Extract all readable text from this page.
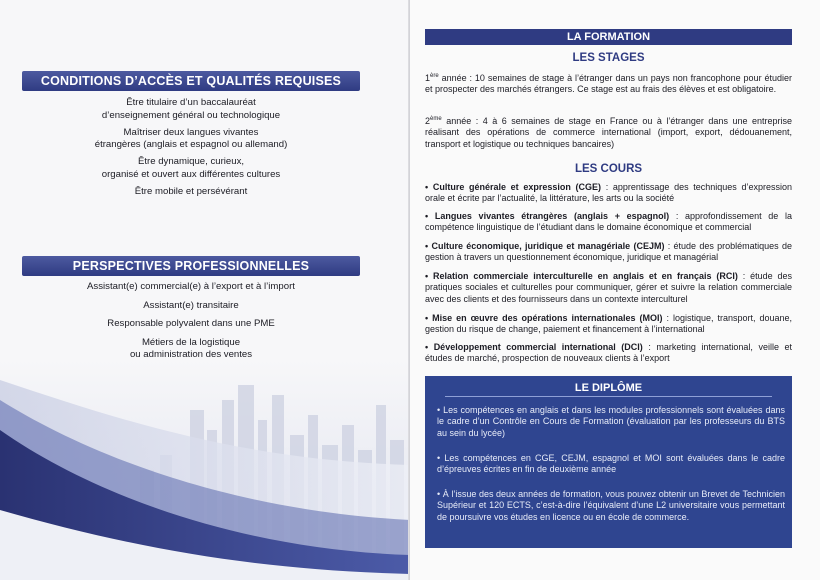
CONDITIONS D’ACCÈS ET QUALITÉS REQUISES
Être titulaire d’un baccalauréat
d’enseignement général ou technologique
Maîtriser deux langues vivantes
étrangères (anglais et espagnol ou allemand)
Être dynamique, curieux,
organisé et ouvert aux différentes cultures
Être mobile et persévérant
PERSPECTIVES PROFESSIONNELLES
Assistant(e) commercial(e) à l’export et à l’import
Assistant(e) transitaire
Responsable polyvalent dans une PME
Métiers de la logistique
ou administration des ventes
LA FORMATION
LES STAGES
1ère année : 10 semaines de stage à l’étranger dans un pays non francophone pour étudier et prospecter des marchés étrangers. Ce stage est au frais des élèves et est obligatoire.
2ème année : 4 à 6 semaines de stage en France ou à l’étranger dans une entreprise réalisant des opérations de commerce international (import, export, dédouanement, transport et logistique ou techniques bancaires)
LES COURS
• Culture générale et expression (CGE) : apprentissage des techniques d’expression orale et écrite par l’actualité, la littérature, les arts ou la société
• Langues vivantes étrangères (anglais + espagnol) : approfondissement de la compétence linguistique de l’étudiant dans le domaine économique et commercial
• Culture économique, juridique et managériale (CEJM) : étude des problématiques de gestion à travers un questionnement économique, juridique et managérial
• Relation commerciale interculturelle en anglais et en français (RCI) : étude des pratiques sociales et culturelles pour communiquer, gérer et suivre la relation commerciale avec des clients et des fournisseurs dans un contexte interculturel
• Mise en œuvre des opérations internationales (MOI) : logistique, transport, douane, gestion du risque de change, paiement et financement à l’international
• Développement commercial international (DCI) : marketing international, veille et études de marché, prospection de nouveaux clients à l’export
LE DIPLÔME
• Les compétences en anglais et dans les modules professionnels sont évaluées dans le cadre d’un Contrôle en Cours de Formation (évaluation par les professeurs du BTS au sein du lycée)
• Les compétences en CGE, CEJM, espagnol et MOI sont évaluées dans le cadre d’épreuves écrites en fin de deuxième année
• À l’issue des deux années de formation, vous pouvez obtenir un Brevet de Technicien Supérieur et 120 ECTS, c’est-à-dire l’équivalent d’une L2 universitaire vous permettant de poursuivre vos études en licence ou en école de commerce.
